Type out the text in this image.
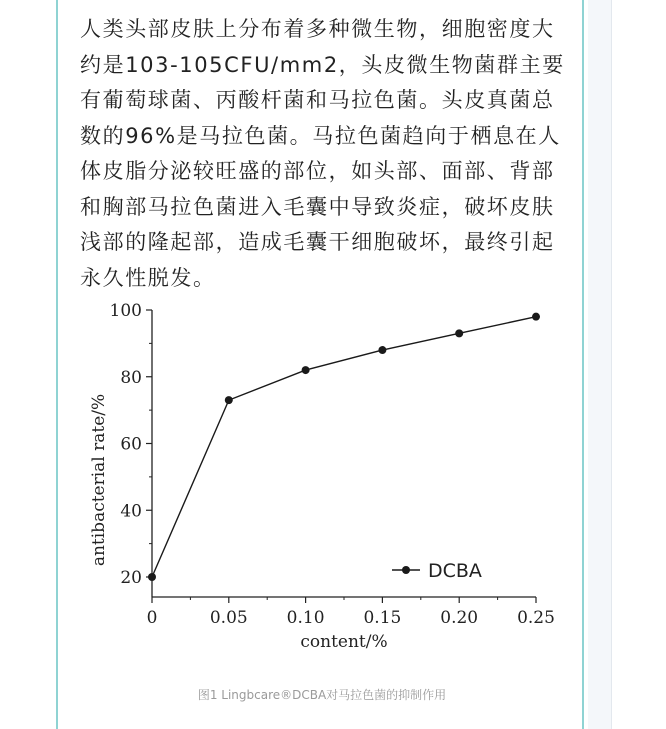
人类头部皮肤上分布着多种微生物，细胞密度大约是103-105CFU/mm2，头皮微生物菌群主要有葡萄球菌、丙酸杆菌和马拉色菌。头皮真菌总数的96%是马拉色菌。马拉色菌趋向于栖息在人体皮脂分泌较旺盛的部位，如头部、面部、背部和胸部马拉色菌进入毛囊中导致炎症，破坏皮肤浅部的隆起部，造成毛囊干细胞破坏，最终引起永久性脱发。

20
40
60
80
100
0	0.05 0.10 0.15 0.20 0.25
DCBA
content/%
antibacterial rate/%
图1 Lingbcare®DCBA对马拉色菌的抑制作用
